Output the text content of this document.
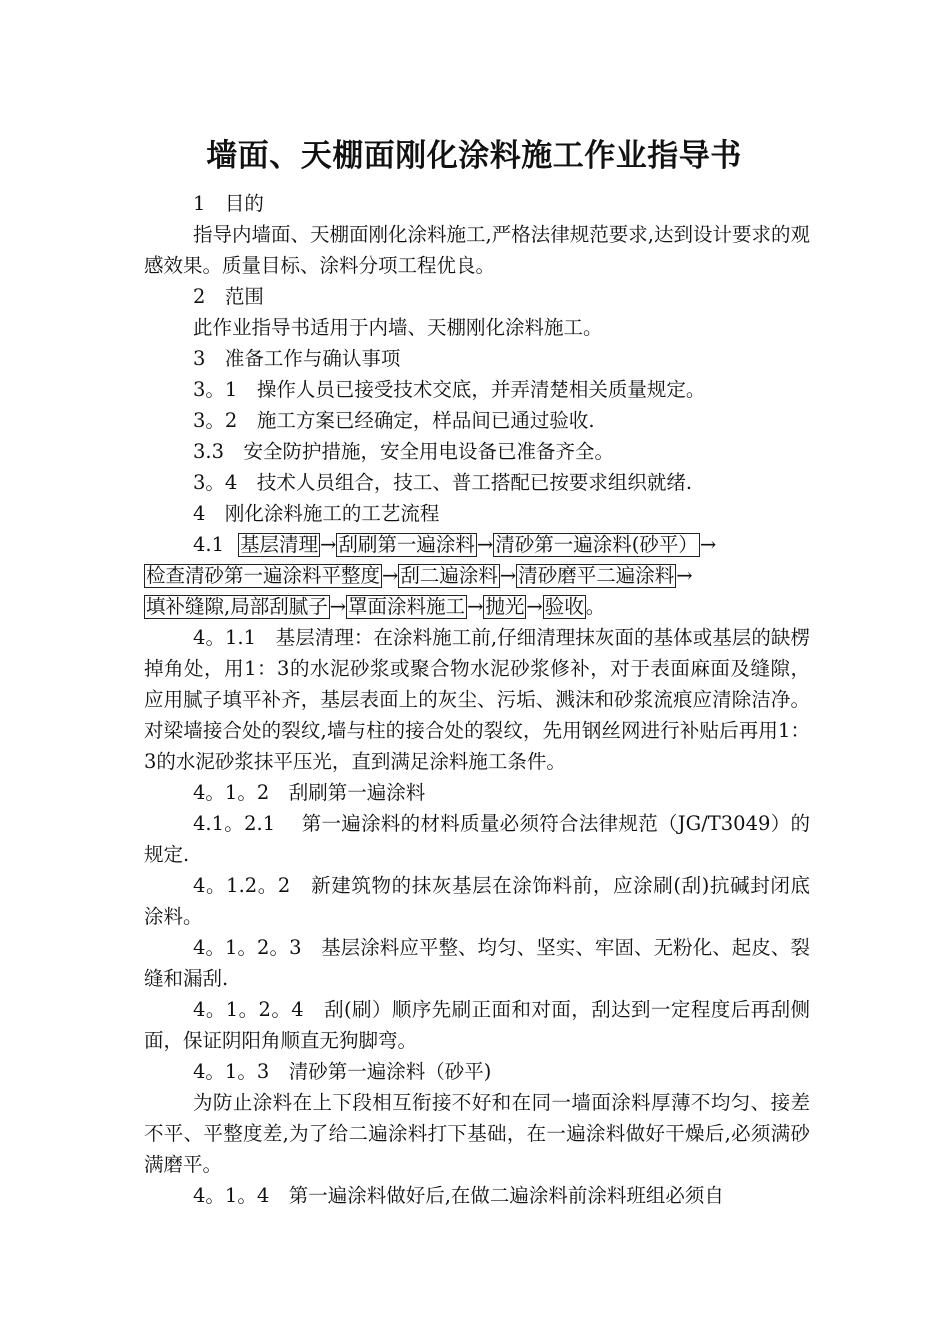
墙面、天棚面刚化涂料施工作业指导书

1　目的

指导内墙面、天棚面刚化涂料施工,严格法律规范要求,达到设计要求的观感效果。质量目标、涂料分项工程优良。

2　范围

此作业指导书适用于内墙、天棚刚化涂料施工。

3　准备工作与确认事项

3。1　操作人员已接受技术交底，并弄清楚相关质量规定。

3。2　施工方案已经确定，样品间已通过验收.

3.3　安全防护措施，安全用电设备已准备齐全。

3。4　技术人员组合，技工、普工搭配已按要求组织就绪.

4　刚化涂料施工的工艺流程

4.1 基层清理 → 刮刷第一遍涂料 → 清砂第一遍涂料(砂平） →检查清砂第一遍涂料平整度 → 刮二遍涂料 → 清砂磨平二遍涂料 →填补缝隙,局部刮腻子 → 罩面涂料施工 → 抛光 → 验收 。

4。1.1　基层清理：在涂料施工前,仔细清理抹灰面的基体或基层的缺楞掉角处，用1：3的水泥砂浆或聚合物水泥砂浆修补，对于表面麻面及缝隙，应用腻子填平补齐，基层表面上的灰尘、污垢、溅沫和砂浆流痕应清除洁净。对梁墙接合处的裂纹,墙与柱的接合处的裂纹，先用钢丝网进行补贴后再用1：3的水泥砂浆抹平压光，直到满足涂料施工条件。

4。1。2　刮刷第一遍涂料

4.1。2.1　 第一遍涂料的材料质量必须符合法律规范（JG/T3049）的规定.

4。1.2。2　新建筑物的抹灰基层在涂饰料前，应涂刷(刮)抗碱封闭底涂料。

4。1。2。3　基层涂料应平整、均匀、坚实、牢固、无粉化、起皮、裂缝和漏刮.

4。1。2。4　刮(刷）顺序先刷正面和对面，刮达到一定程度后再刮侧面，保证阴阳角顺直无狗脚弯。

4。1。3　清砂第一遍涂料（砂平)

为防止涂料在上下段相互衔接不好和在同一墙面涂料厚薄不均匀、接差不平、平整度差,为了给二遍涂料打下基础，在一遍涂料做好干燥后,必须满砂满磨平。

4。1。4　第一遍涂料做好后,在做二遍涂料前涂料班组必须自
